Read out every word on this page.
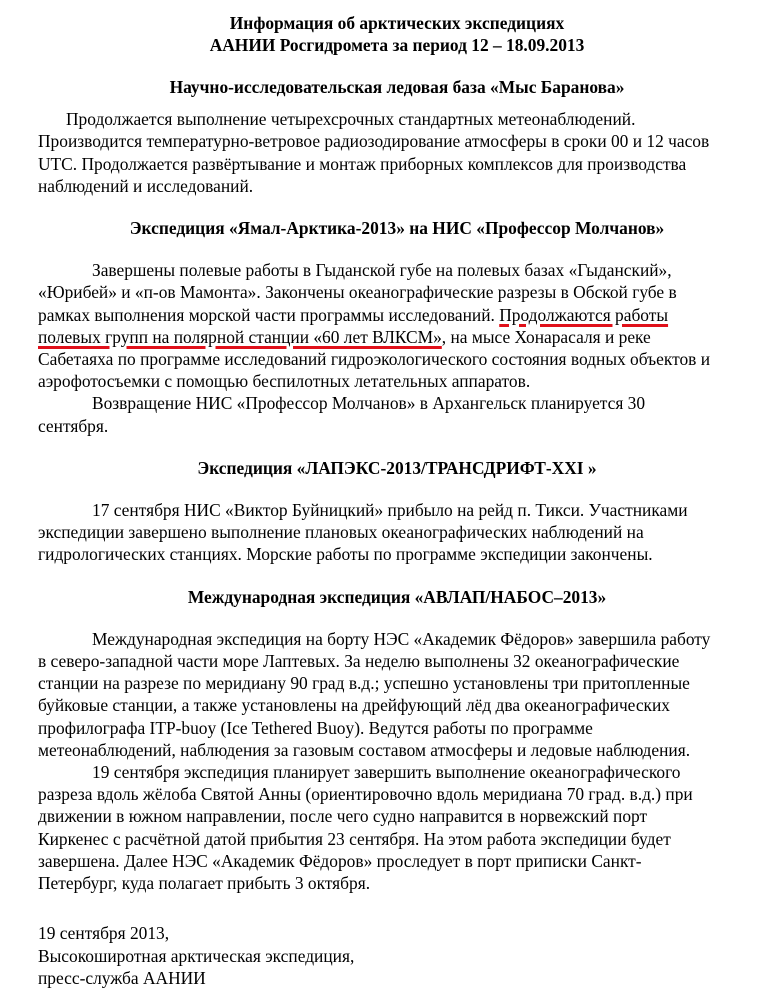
Информация об арктических экспедициях
ААНИИ Росгидромета за период 12 – 18.09.2013
Научно-исследовательская ледовая база «Мыс Баранова»
Продолжается выполнение четырехсрочных стандартных метеонаблюдений.
Производится температурно-ветровое радиозодирование атмосферы в сроки 00 и 12 часов
UTC. Продолжается развёртывание и монтаж приборных комплексов для производства
наблюдений и исследований.
Экспедиция «Ямал-Арктика-2013» на НИС «Профессор Молчанов»
Завершены полевые работы в Гыданской губе на полевых базах «Гыданский»,
«Юрибей» и «п-ов Мамонта». Закончены океанографические разрезы в Обской губе в
рамках выполнения морской части программы исследований. Продолжаются работы
полевых групп на полярной станции «60 лет ВЛКСМ», на мысе Хонарасаля и реке
Сабетаяха по программе исследований гидроэкологического состояния водных объектов и
аэрофотосъемки с помощью беспилотных летательных аппаратов.
Возвращение НИС «Профессор Молчанов» в Архангельск планируется 30
сентября.
Экспедиция «ЛАПЭКС-2013/ТРАНСДРИФТ-XXI »
17 сентября НИС «Виктор Буйницкий» прибыло на рейд п. Тикси. Участниками
экспедиции завершено выполнение плановых океанографических наблюдений на
гидрологических станциях. Морские работы по программе экспедиции закончены.
Международная экспедиция «АВЛАП/НАБОС–2013»
Международная экспедиция на борту НЭС «Академик Фёдоров» завершила работу
в северо-западной части море Лаптевых. За неделю выполнены 32 океанографические
станции на разрезе по меридиану 90 град в.д.; успешно установлены три притопленные
буйковые станции, а также установлены на дрейфующий лёд два океанографических
профилографа ITP-buoy (Ice Tethered Buoy). Ведутся работы по программе
метеонаблюдений, наблюдения за газовым составом атмосферы и ледовые наблюдения.
19 сентября экспедиция планирует завершить выполнение океанографического
разреза вдоль жёлоба Святой Анны (ориентировочно вдоль меридиана 70 град. в.д.) при
движении в южном направлении, после чего судно направится в норвежский порт
Киркенес с расчётной датой прибытия 23 сентября. На этом работа экспедиции будет
завершена. Далее НЭС «Академик Фёдоров» проследует в порт приписки Санкт-
Петербург, куда полагает прибыть 3 октября.
19 сентября 2013,
Высокоширотная арктическая экспедиция,
пресс-служба ААНИИ
